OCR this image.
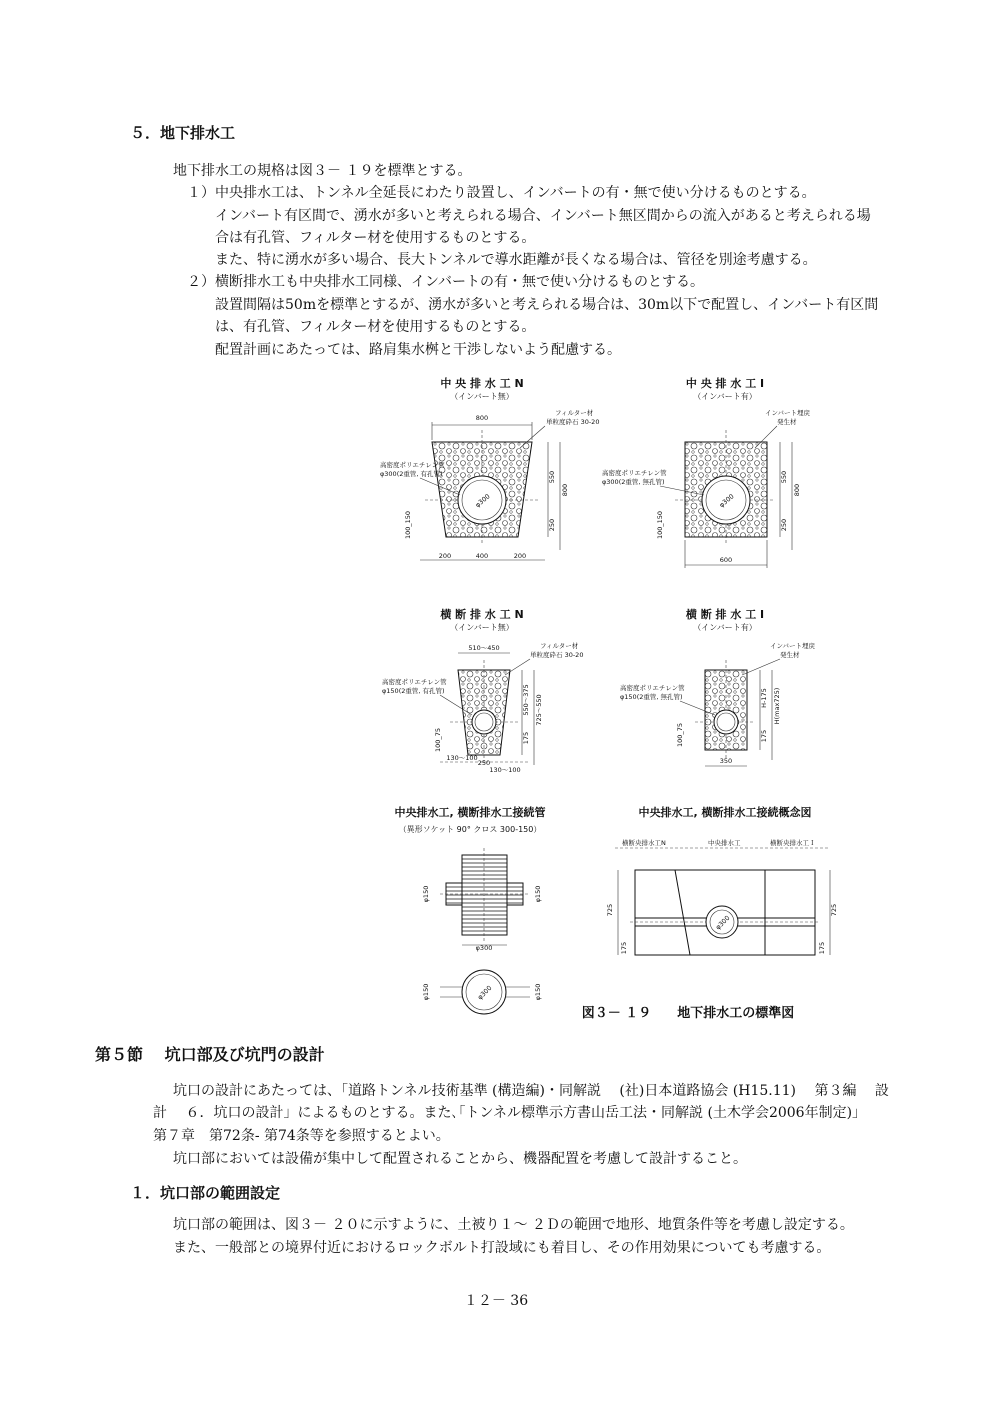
５．地下排水工
地下排水工の規格は図３－ １９を標準とする。
１）中央排水工は、トンネル全延長にわたり設置し、インバートの有・無で使い分けるものとする。
インバート有区間で、湧水が多いと考えられる場合、インバート無区間からの流入があると考えられる場
合は有孔管、フィルター材を使用するものとする。
また、特に湧水が多い場合、長大トンネルで導水距離が長くなる場合は、管径を別途考慮する。
２）横断排水工も中央排水工同様、インバートの有・無で使い分けるものとする。
設置間隔は50mを標準とするが、湧水が多いと考えられる場合は、30m以下で配置し、インバート有区間
は、有孔管、フィルター材を使用するものとする。
配置計画にあたっては、路肩集水桝と干渉しないよう配慮する。
中 央 排 水 工 N
（インバート無）
φ300
800
フィルター材
単粒度砕石 30-20
高密度ポリエチレン管
φ300(2重管, 有孔管)	550
800
250
100_150
200	400	200
中 央 排 水 工 I
（インバート有）
φ300
インバート埋戻
発生材
高密度ポリエチレン管
φ300(2重管, 無孔管)	550
800
250
100_150
600
横 断 排 水 工 N
（インバート無）
510～450	フィルター材
単粒度砕石 30-20
高密度ポリエチレン管
φ150(2重管, 有孔管)	550～375 725～550
175
100_75
130～100
250
130～100
横 断 排 水 工 I
（インバート有）
インバート埋戻
発生材
高密度ポリエチレン管
φ150(2重管, 無孔管)	H-175 H(max725)
175
100_75
350
中央排水工, 横断排水工接続管
（異形ソケット 90° クロス 300-150）
φ150	φ150
φ300
φ300
φ150	φ150
中央排水工, 横断排水工接続概念図
横断央排水工N	中央排水工	横断央排水工Ｉ
φ300
725
175
725
175
図３－ １９　　地下排水工の標準図
第５節　 坑口部及び坑門の設計
坑口の設計にあたっては、｢道路トンネル技術基準 (構造編)・同解説　 (社)日本道路協会 (H15.11)　 第３編　 設
計　 ６．坑口の設計」によるものとする。また､｢トンネル標準示方書山岳工法・同解説 (土木学会2006年制定)」
第７章　第72条- 第74条等を参照するとよい。
坑口部においては設備が集中して配置されることから、機器配置を考慮して設計すること。
１．坑口部の範囲設定
坑口部の範囲は、図３－ ２０に示すように、土被り１～ ２Ｄの範囲で地形、地質条件等を考慮し設定する。
また、一般部との境界付近におけるロックボルト打設域にも着目し、その作用効果についても考慮する。
１２－ 36
